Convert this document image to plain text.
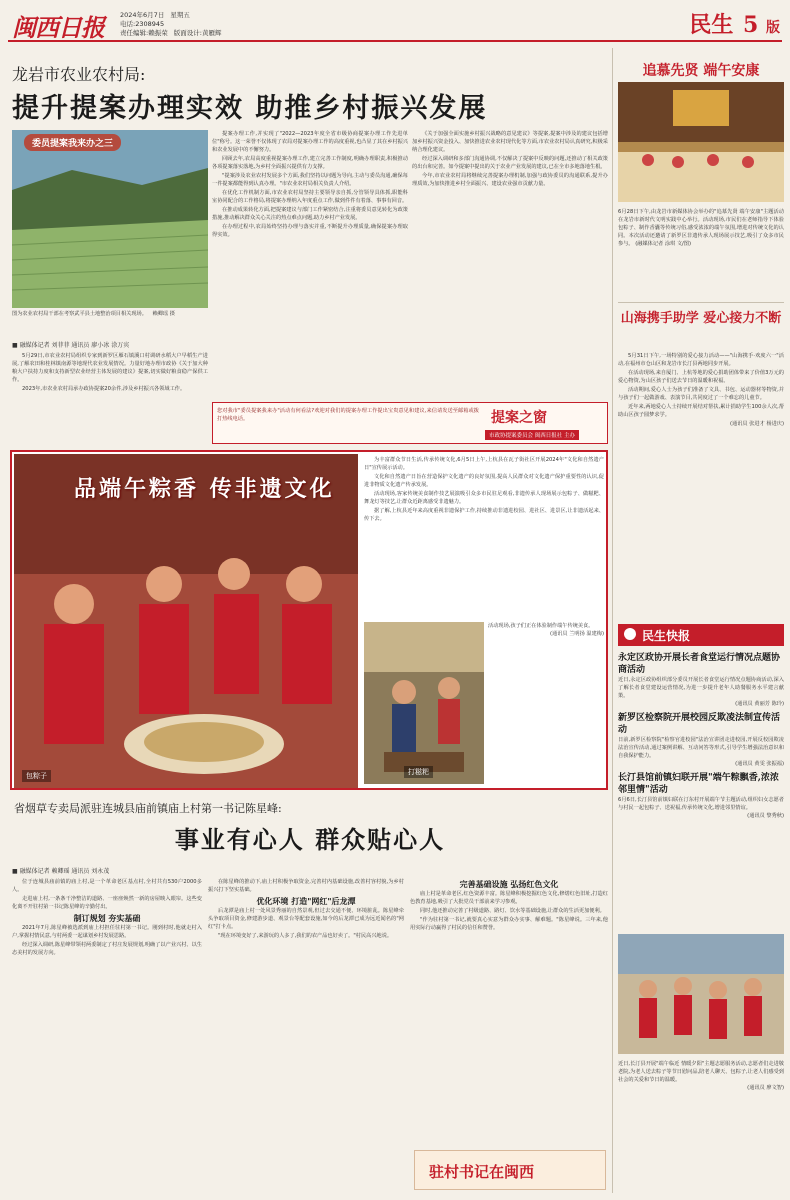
闽西日报 2024年6月7日 星期五
电话:2308945
责任编辑:赖振荣 版面设计:黄雁辉	民生 5 版
龙岩市农业农村局:
提升提案办理实效 助推乡村振兴发展
委员提案我来办之三
图为农业农村局干部在考察武平县土地整治项目相关现场。 赖卿瑶 摄
■ 融媒体记者 刘菲菲 通讯员 廖小冰 涂万宾

5月29日,市农业农村局组织专家到新罗区雁石镇溪口村调研水稻大户早稻生产进展,了解农田和桂林镇南源等地现代农业发展情况。力量好地办理市政协《关于加大种粮大户扶持力度和支持新型农业经营主体发展的建议》提案,切实做好粮食稳产保供工作。

2023年,市农业农村局承办政协提案20余件,涉及乡村振兴各领域工作。

提案办理工作,并实现了"2022—2023年度全省市级协商提案办理工作先进单位"称号。这一荣誉不仅体现了农局对提案办理工作的高度重视,也凸显了其在乡村振兴和农业发展中的不懈努力。

回顾去年,农局高度重视提案办理工作,建立完善工作制度,明确办理职责,积极推动各项提案落实落地,为乡村全面振兴提供有力支撑。

"提案涉及农业农村发展多个方面,我们坚持以问题为导向,主动与委员沟通,确保每一件提案都能得到认真办理。"市农业农村局相关负责人介绍。

在优化工作机制方面,市农业农村局坚持主要领导亲自抓,分管领导具体抓,职能科室协同配合的工作格局,将提案办理纳入年度重点工作,做到件件有着落、事事有回音。

在推动成果转化方面,把提案建议与部门工作紧密结合,注重将委员意见转化为政策措施,推动解决群众关心关注的热点难点问题,助力乡村产业发展。

在办理过程中,农局始终坚持办理与落实并重,不断提升办理质量,确保提案办理取得实效。

《关于加强全面实施乡村振兴战略的意见建议》等提案,提案中涉及的建议包括增加乡村振兴资金投入、加快推进农业农村现代化等方面,市农业农村局认真研究,积极采纳合理化建议。

经过深入调研和多部门沟通协调,不仅解决了提案中反映的问题,还推动了相关政策的出台和完善。如今提案中提出的关于农业产业发展的建议,已在全市多地落地生根。

今年,市农业农村局将继续完善提案办理机制,加强与政协委员的沟通联系,提升办理质效,为加快推进乡村全面振兴、建设农业强市贡献力量。

您对我市"委员提案我来办"活动有何看法?欢迎对我们的提案办理工作提出宝贵意见和建议,来信请发送至邮箱或拨打热线电话。	提案之窗
市政协提案委员会 闽西日报社 主办
追慕先贤 端午安康
6月28日下午,由龙岩市新媒体协会举办的"追慕先贤 端午安康"主题活动在龙岩市新时代文明实践中心举行。活动现场,市民们在老师指导下体验包粽子、制作香囊等传统习俗,感受浓浓的端午氛围,增进对传统文化的认同。本次活动还邀请了新罗区非遗传承人现场展示技艺,吸引了众多市民参与。 (融媒体记者 涂琪 文/图)
山海携手助学 爱心接力不断

5月31日下午,一场特别的爱心接力活动——"山海携手·欢度六一"活动,在福州市仓山区和龙岩市长汀县两地同步开展。

在活动现场,来自厦门、上杭等地的爱心捐助团体带来了价值3万元的爱心物资,为山区孩子们送去节日的温暖和祝福。

活动期间,爱心人士为孩子们准备了文具、书包、运动器材等物资,并与孩子们一起做游戏、表演节目,共同度过了一个难忘的儿童节。

近年来,两地爱心人士持续开展结对帮扶,累计捐助学生100余人次,帮助山区孩子圆梦求学。

(通讯员 张进才 杨进庆)

民生快报
永定区政协开展长者食堂运行情况点题协商活动
近日,永定区政协组织部分委员开展长者食堂运行情况点题协商活动,深入了解长者食堂建设运营情况,为进一步提升老年人助餐服务水平建言献策。
(通讯员 黄丽芳 陈玲)
新罗区检察院开展校园反欺凌法制宣传活动
日前,新罗区检察院"检察官进校园"法治宣讲团走进校园,开展反校园欺凌法治宣传活动,通过案例讲解、互动问答等形式,引导学生增强法治意识和自我保护能力。
(通讯员 黄雯 张振福)
长汀县馆前镇妇联开展"端午粽飘香,浓浓邻里情"活动
6月6日,长汀县馆前镇妇联在汀东村开展端午节主题活动,组织妇女志愿者与村民一起包粽子、送祝福,传承传统文化,增进邻里情谊。
(通讯员 黎秀秋)
品端午粽香 传非遗文化
包粽子

为丰富群众节日生活,传承传统文化,6月5日上午,上杭县在瓦子街社区开展2024年"文化和自然遗产日"宣传展示活动。

文化和自然遗产日旨在营造保护文化遗产的良好氛围,提高人民群众对文化遗产保护重要性的认识,促进非物质文化遗产传承发展。

活动现场,客家传统美食制作技艺展演吸引众多市民驻足观看,非遗传承人现场展示包粽子、做糍粑、舞龙灯等技艺,让群众近距离感受非遗魅力。

据了解,上杭县近年来高度重视非遗保护工作,持续推动非遗进校园、进社区、进景区,让非遗活起来、传下去。

打糍粑
活动现场,孩子们正在体验制作端午传统美食。
(通讯员 兰明扬 温建梅)
省烟草专卖局派驻连城县庙前镇庙上村第一书记陈星峰:
事业有心人 群众贴心人
■ 融媒体记者 赖卿瑶 通讯员 刘永茂

位于连城县庙前镇的庙上村,是一个革命老区基点村,全村共有530户2000多人。

走进庙上村,一条条干净整洁的道路、一座座焕然一新的房屋映入眼帘。这些变化离不开驻村第一书记陈星峰的辛勤付出。

制订规划 夯实基础

2021年7月,陈星峰被选派到庙上村担任驻村第一书记。刚到村时,他就走村入户,掌握村情民意,与村两委一起谋划乡村发展思路。

经过深入调研,陈星峰带领村两委制定了村庄发展规划,明确了以产业兴村、以生态美村的发展方向。

在陈星峰的推动下,庙上村积极争取资金,完善村内基础设施,改善村容村貌,为乡村振兴打下坚实基础。

优化环境 打造"网红"后龙潭

后龙潭是庙上村一处风景秀丽的自然景观,但过去交通不便、环境脏乱。陈星峰牵头争取项目资金,修建游步道、观景台等配套设施,如今的后龙潭已成为远近闻名的"网红"打卡点。

"现在环境变好了,来游玩的人多了,我们的农产品也好卖了。"村民高兴地说。

完善基础设施 弘扬红色文化

庙上村是革命老区,红色资源丰富。陈星峰积极挖掘红色文化,修缮红色旧址,打造红色教育基地,吸引了大批党员干部前来学习参观。

同时,他还推动完善了村级道路、路灯、饮水等基础设施,让群众的生活更加便利。

"作为驻村第一书记,就要真心实意为群众办实事、解难题。"陈星峰说。三年来,他用实际行动赢得了村民的信任和赞誉。

驻村书记在闽西
近日,长汀县开展"端午临近 情暖夕阳"主题志愿服务活动,志愿者们走进敬老院,为老人送去粽子等节日慰问品,陪老人聊天、包粽子,让老人们感受到社会的关爱和节日的温暖。
(通讯员 廖文智)
